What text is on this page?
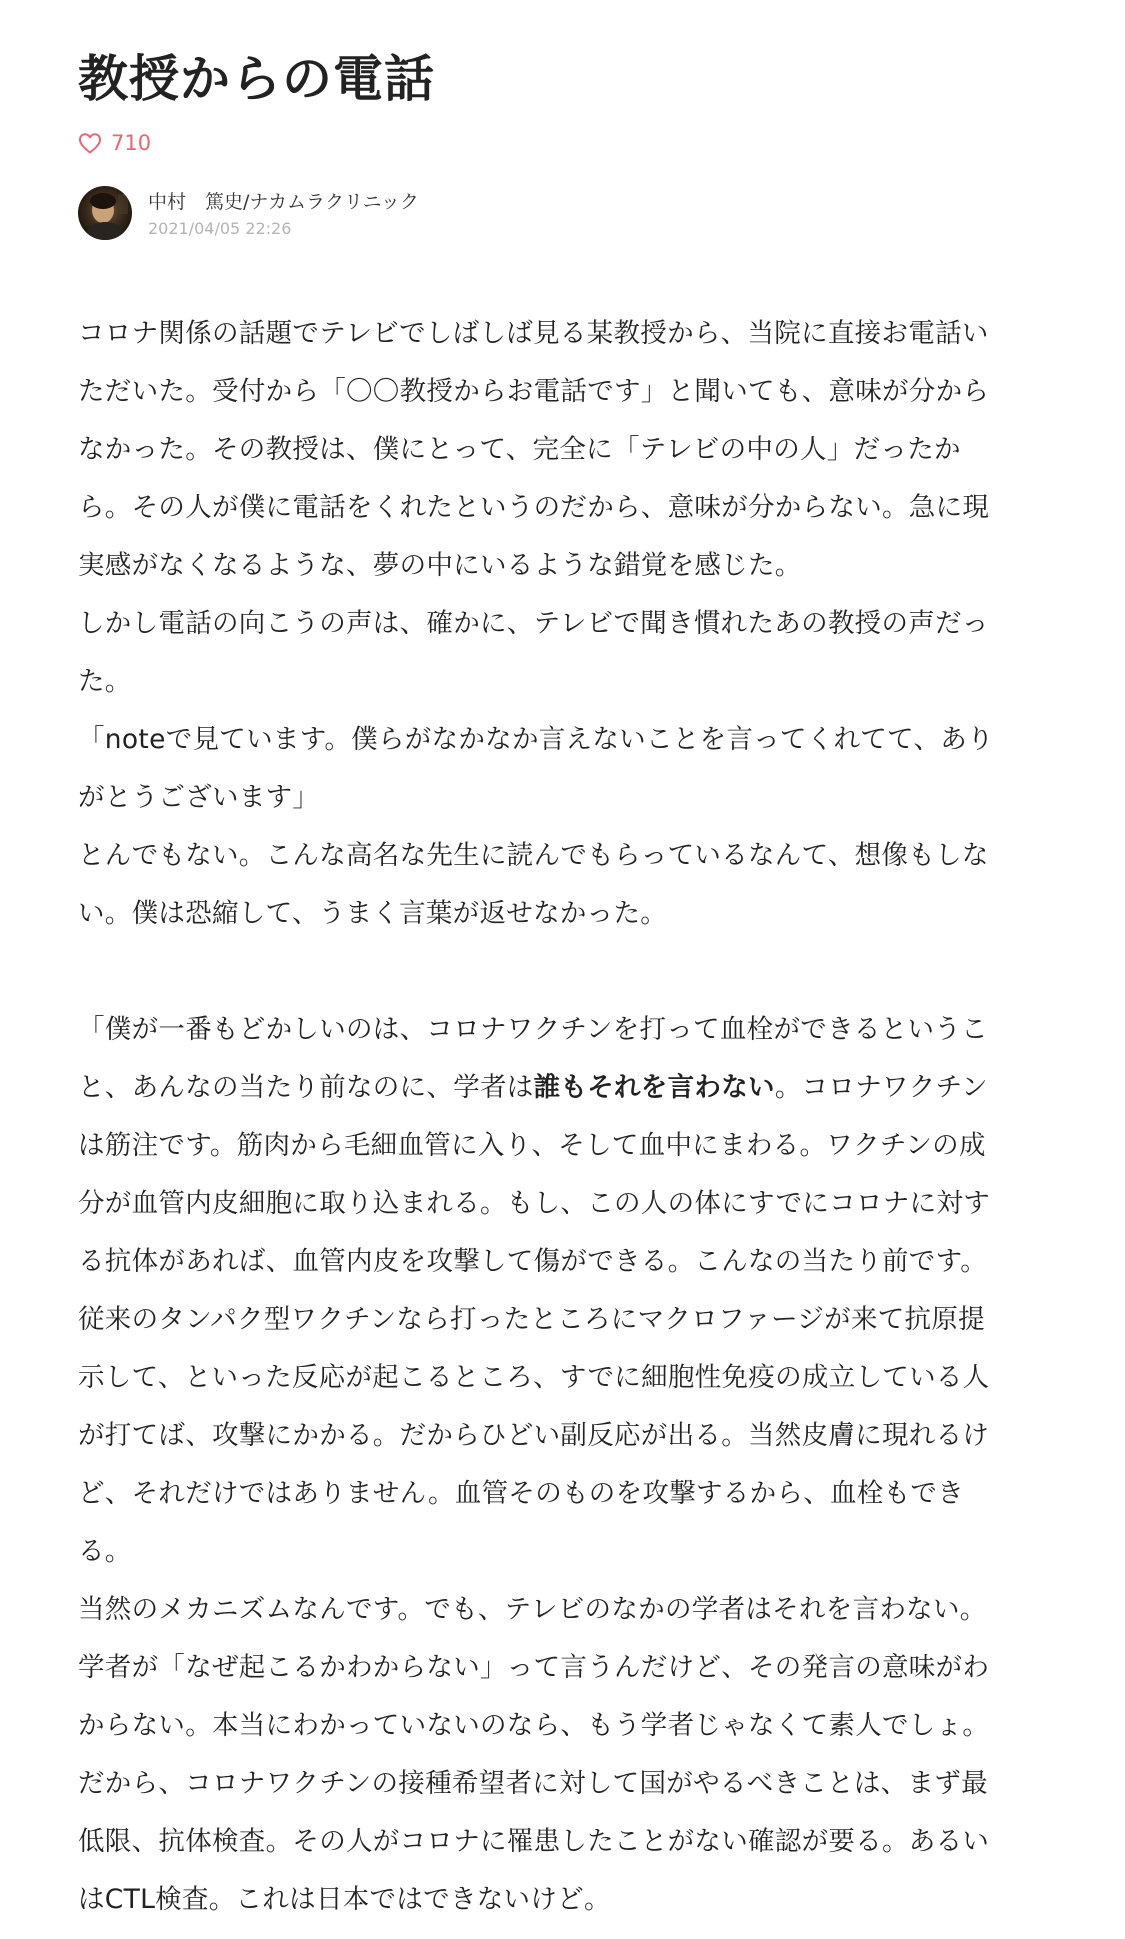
教授からの電話
710
中村　篤史/ナカムラクリニック
2021/04/05 22:26
コロナ関係の話題でテレビでしばしば見る某教授から、当院に直接お電話い
ただいた。受付から「〇〇教授からお電話です」と聞いても、意味が分から
なかった。その教授は、僕にとって、完全に「テレビの中の人」だったか
ら。その人が僕に電話をくれたというのだから、意味が分からない。急に現
実感がなくなるような、夢の中にいるような錯覚を感じた。
しかし電話の向こうの声は、確かに、テレビで聞き慣れたあの教授の声だっ
た。
「noteで見ています。僕らがなかなか言えないことを言ってくれてて、あり
がとうございます」
とんでもない。こんな高名な先生に読んでもらっているなんて、想像もしな
い。僕は恐縮して、うまく言葉が返せなかった。
「僕が一番もどかしいのは、コロナワクチンを打って血栓ができるというこ
と、あんなの当たり前なのに、学者は誰もそれを言わない。コロナワクチン
は筋注です。筋肉から毛細血管に入り、そして血中にまわる。ワクチンの成
分が血管内皮細胞に取り込まれる。もし、この人の体にすでにコロナに対す
る抗体があれば、血管内皮を攻撃して傷ができる。こんなの当たり前です。
従来のタンパク型ワクチンなら打ったところにマクロファージが来て抗原提
示して、といった反応が起こるところ、すでに細胞性免疫の成立している人
が打てば、攻撃にかかる。だからひどい副反応が出る。当然皮膚に現れるけ
ど、それだけではありません。血管そのものを攻撃するから、血栓もでき
る。
当然のメカニズムなんです。でも、テレビのなかの学者はそれを言わない。
学者が「なぜ起こるかわからない」って言うんだけど、その発言の意味がわ
からない。本当にわかっていないのなら、もう学者じゃなくて素人でしょ。
だから、コロナワクチンの接種希望者に対して国がやるべきことは、まず最
低限、抗体検査。その人がコロナに罹患したことがない確認が要る。あるい
はCTL検査。これは日本ではできないけど。
